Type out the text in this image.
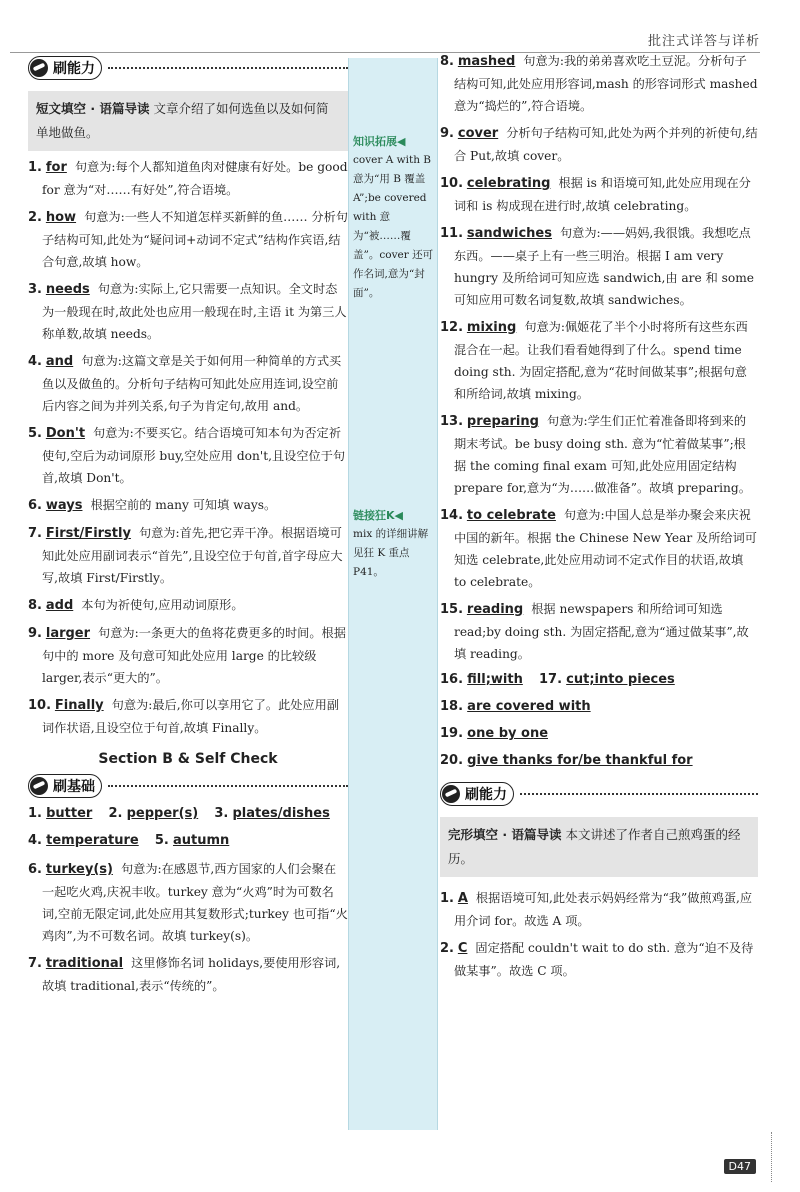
批注式详答与详析
刷能力
短文填空 · 语篇导读 文章介绍了如何选鱼以及如何简单地做鱼。
1. for 句意为:每个人都知道鱼肉对健康有好处。be good for 意为“对……有好处”,符合语境。
2. how 句意为:一些人不知道怎样买新鲜的鱼…… 分析句子结构可知,此处为“疑问词+动词不定式”结构作宾语,结合句意,故填 how。
3. needs 句意为:实际上,它只需要一点知识。全文时态为一般现在时,故此处也应用一般现在时,主语 it 为第三人称单数,故填 needs。
4. and 句意为:这篇文章是关于如何用一种简单的方式买鱼以及做鱼的。分析句子结构可知此处应用连词,设空前后内容之间为并列关系,句子为肯定句,故用 and。
5. Don't 句意为:不要买它。结合语境可知本句为否定祈使句,空后为动词原形 buy,空处应用 don't,且设空位于句首,故填 Don't。
6. ways 根据空前的 many 可知填 ways。
7. First/Firstly 句意为:首先,把它弄干净。根据语境可知此处应用副词表示“首先”,且设空位于句首,首字母应大写,故填 First/Firstly。
8. add 本句为祈使句,应用动词原形。
9. larger 句意为:一条更大的鱼将花费更多的时间。根据句中的 more 及句意可知此处应用 large 的比较级 larger,表示“更大的”。
10. Finally 句意为:最后,你可以享用它了。此处应用副词作状语,且设空位于句首,故填 Finally。
Section B & Self Check
刷基础
1. butter 2. pepper(s) 3. plates/dishes
4. temperature 5. autumn
6. turkey(s) 句意为:在感恩节,西方国家的人们会聚在一起吃火鸡,庆祝丰收。turkey 意为“火鸡”时为可数名词,空前无限定词,此处应用其复数形式;turkey 也可指“火鸡肉”,为不可数名词。故填 turkey(s)。
7. traditional 这里修饰名词 holidays,要使用形容词,故填 traditional,表示“传统的”。
知识拓展◀
cover A with B 意为“用 B 覆盖 A”;be covered with 意为“被……覆盖”。cover 还可作名词,意为“封面”。
链接狂K◀
mix 的详细讲解见狂 K 重点 P41。
8. mashed 句意为:我的弟弟喜欢吃土豆泥。分析句子结构可知,此处应用形容词,mash 的形容词形式 mashed 意为“捣烂的”,符合语境。
9. cover 分析句子结构可知,此处为两个并列的祈使句,结合 Put,故填 cover。
10. celebrating 根据 is 和语境可知,此处应用现在分词和 is 构成现在进行时,故填 celebrating。
11. sandwiches 句意为:——妈妈,我很饿。我想吃点东西。——桌子上有一些三明治。根据 I am very hungry 及所给词可知应选 sandwich,由 are 和 some 可知应用可数名词复数,故填 sandwiches。
12. mixing 句意为:佩姬花了半个小时将所有这些东西混合在一起。让我们看看她得到了什么。spend time doing sth. 为固定搭配,意为“花时间做某事”;根据句意和所给词,故填 mixing。
13. preparing 句意为:学生们正忙着准备即将到来的期末考试。be busy doing sth. 意为“忙着做某事”;根据 the coming final exam 可知,此处应用固定结构 prepare for,意为“为……做准备”。故填 preparing。
14. to celebrate 句意为:中国人总是举办聚会来庆祝中国的新年。根据 the Chinese New Year 及所给词可知选 celebrate,此处应用动词不定式作目的状语,故填 to celebrate。
15. reading 根据 newspapers 和所给词可知选 read;by doing sth. 为固定搭配,意为“通过做某事”,故填 reading。
16. fill;with 17. cut;into pieces
18. are covered with
19. one by one
20. give thanks for/be thankful for
刷能力
完形填空 · 语篇导读 本文讲述了作者自己煎鸡蛋的经历。
1. A 根据语境可知,此处表示妈妈经常为“我”做煎鸡蛋,应用介词 for。故选 A 项。
2. C 固定搭配 couldn't wait to do sth. 意为“迫不及待做某事”。故选 C 项。
D47
